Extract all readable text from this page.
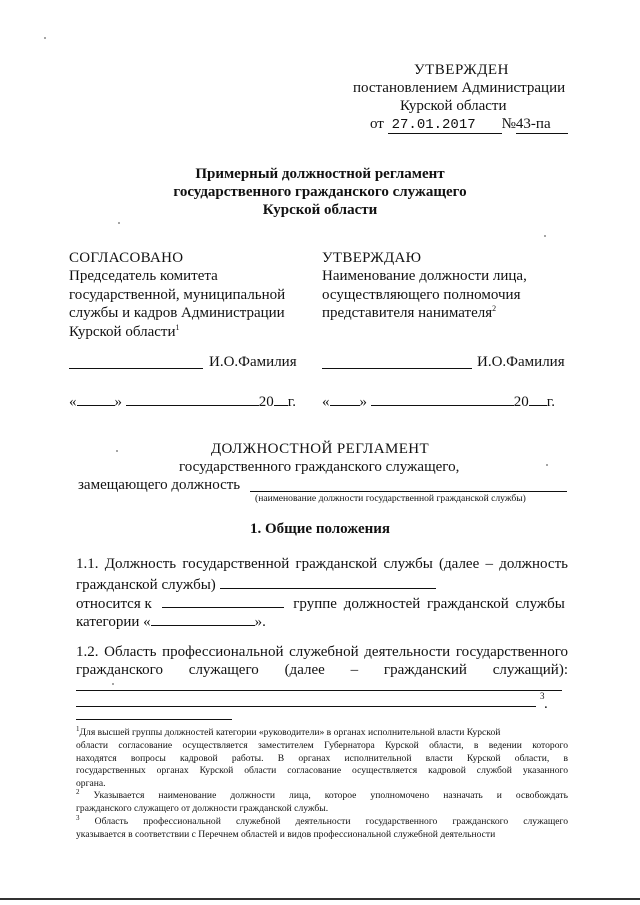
УТВЕРЖДЕН
постановлением Администрации
Курской области
от 27.01.2017 №43-па
Примерный должностной регламент
государственного гражданского служащего
Курской области
СОГЛАСОВАНО
Председатель комитета
государственной, муниципальной
службы и кадров Администрации
Курской области$^1$
И.О.Фамилия
«	»	20 г.
УТВЕРЖДАЮ
Наименование должности лица,
осуществляющего полномочия
представителя нанимателя$^2$
И.О.Фамилия
« »	20 г.
ДОЛЖНОСТНОЙ РЕГЛАМЕНТ
государственного гражданского служащего,
замещающего должность
(наименование должности государственной гражданской службы)
1. Общие положения
1.1. Должность государственной гражданской службы (далее – должность
гражданской службы)
относится к	группе должностей гражданской службы
категории «	».
1.2. Область профессиональной служебной деятельности государственного
гражданского служащего (далее – гражданский служащий):
3 .
$^1$Для высшей группы должностей категории «руководители» в органах исполнительной власти Курской
области согласование осуществляется заместителем Губернатора Курской области, в ведении которого
находятся вопросы кадровой работы. В органах исполнительной власти Курской области, в
государственных органах Курской области согласование осуществляется кадровой службой указанного
органа.
$^2$ Указывается наименование должности лица, которое уполномочено назначать и освобождать
гражданского служащего от должности гражданской службы.
$^3$ Область профессиональной служебной деятельности государственного гражданского служащего
указывается в соответствии с Перечнем областей и видов профессиональной служебной деятельности
